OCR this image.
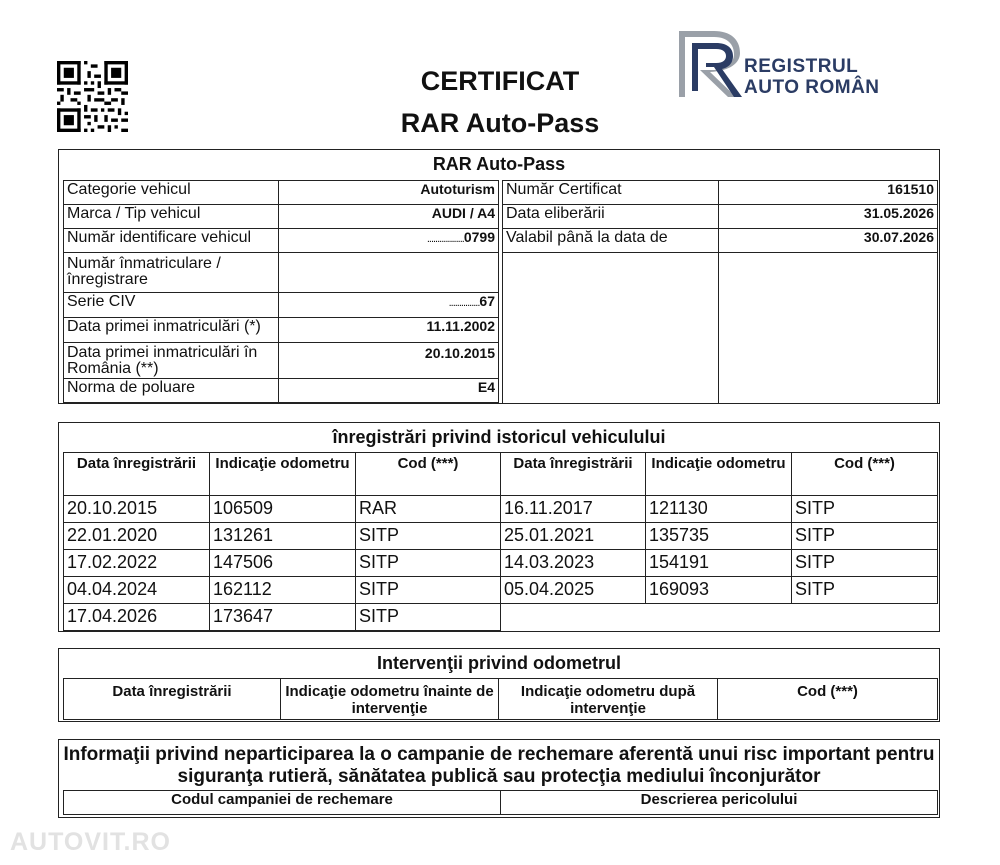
CERTIFICAT
RAR Auto-Pass
REGISTRUL
AUTO ROMÂN
RAR Auto-Pass
Categorie vehicul	Autoturism
Marca / Tip vehicul	AUDI / A4
Număr identificare vehicul	..................0799
Număr înmatriculare / înregistrare	
Serie CIV	...............67
Data primei inmatriculări (*)	11.11.2002
Data primei inmatriculări în România (**)	20.10.2015
Norma de poluare	E4
Număr Certificat	161510
Data eliberării	31.05.2026
Valabil până la data de	30.07.2026

înregistrări privind istoricul vehiculului
Data înregistrării	Indicaţie odometru	Cod (***)	Data înregistrării	Indicaţie odometru	Cod (***)
20.10.2015	106509	RAR	16.11.2017	121130	SITP
22.01.2020	131261	SITP	25.01.2021	135735	SITP
17.02.2022	147506	SITP	14.03.2023	154191	SITP
04.04.2024	162112	SITP	05.04.2025	169093	SITP
17.04.2026	173647	SITP			
Intervenţii privind odometrul
Data înregistrării	Indicaţie odometru înainte de intervenţie	Indicaţie odometru după intervenţie	Cod (***)
Informaţii privind neparticiparea la o campanie de rechemare aferentă unui risc important pentru siguranţa rutieră, sănătatea publică sau protecţia mediului înconjurător
Codul campaniei de rechemare	Descrierea pericolului
AUTOVIT.RO
